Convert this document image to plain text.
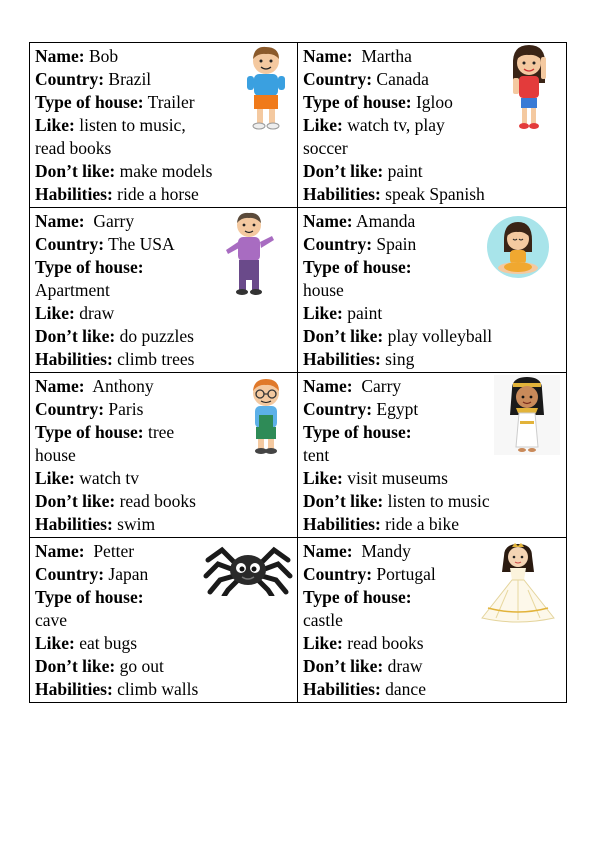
Name: Bob
Country: Brazil
Type of house: Trailer
Like: listen to music,
read books
Don’t like: make models
Habilities: ride a horse
Name:  Martha
Country: Canada
Type of house: Igloo
Like: watch tv, play
soccer
Don’t like: paint
Habilities: speak Spanish
Name:  Garry
Country: The USA
Type of house:
Apartment
Like: draw
Don’t like: do puzzles
Habilities: climb trees
Name: Amanda
Country: Spain
Type of house:
house
Like: paint
Don’t like: play volleyball
Habilities: sing
Name:  Anthony
Country: Paris
Type of house: tree
house
Like: watch tv
Don’t like: read books
Habilities: swim
Name:  Carry
Country: Egypt
Type of house:
tent
Like: visit museums
Don’t like: listen to music
Habilities: ride a bike
Name:  Petter
Country: Japan
Type of house:
cave
Like: eat bugs
Don’t like: go out
Habilities: climb walls
Name:  Mandy
Country: Portugal
Type of house:
castle
Like: read books
Don’t like: draw
Habilities: dance
